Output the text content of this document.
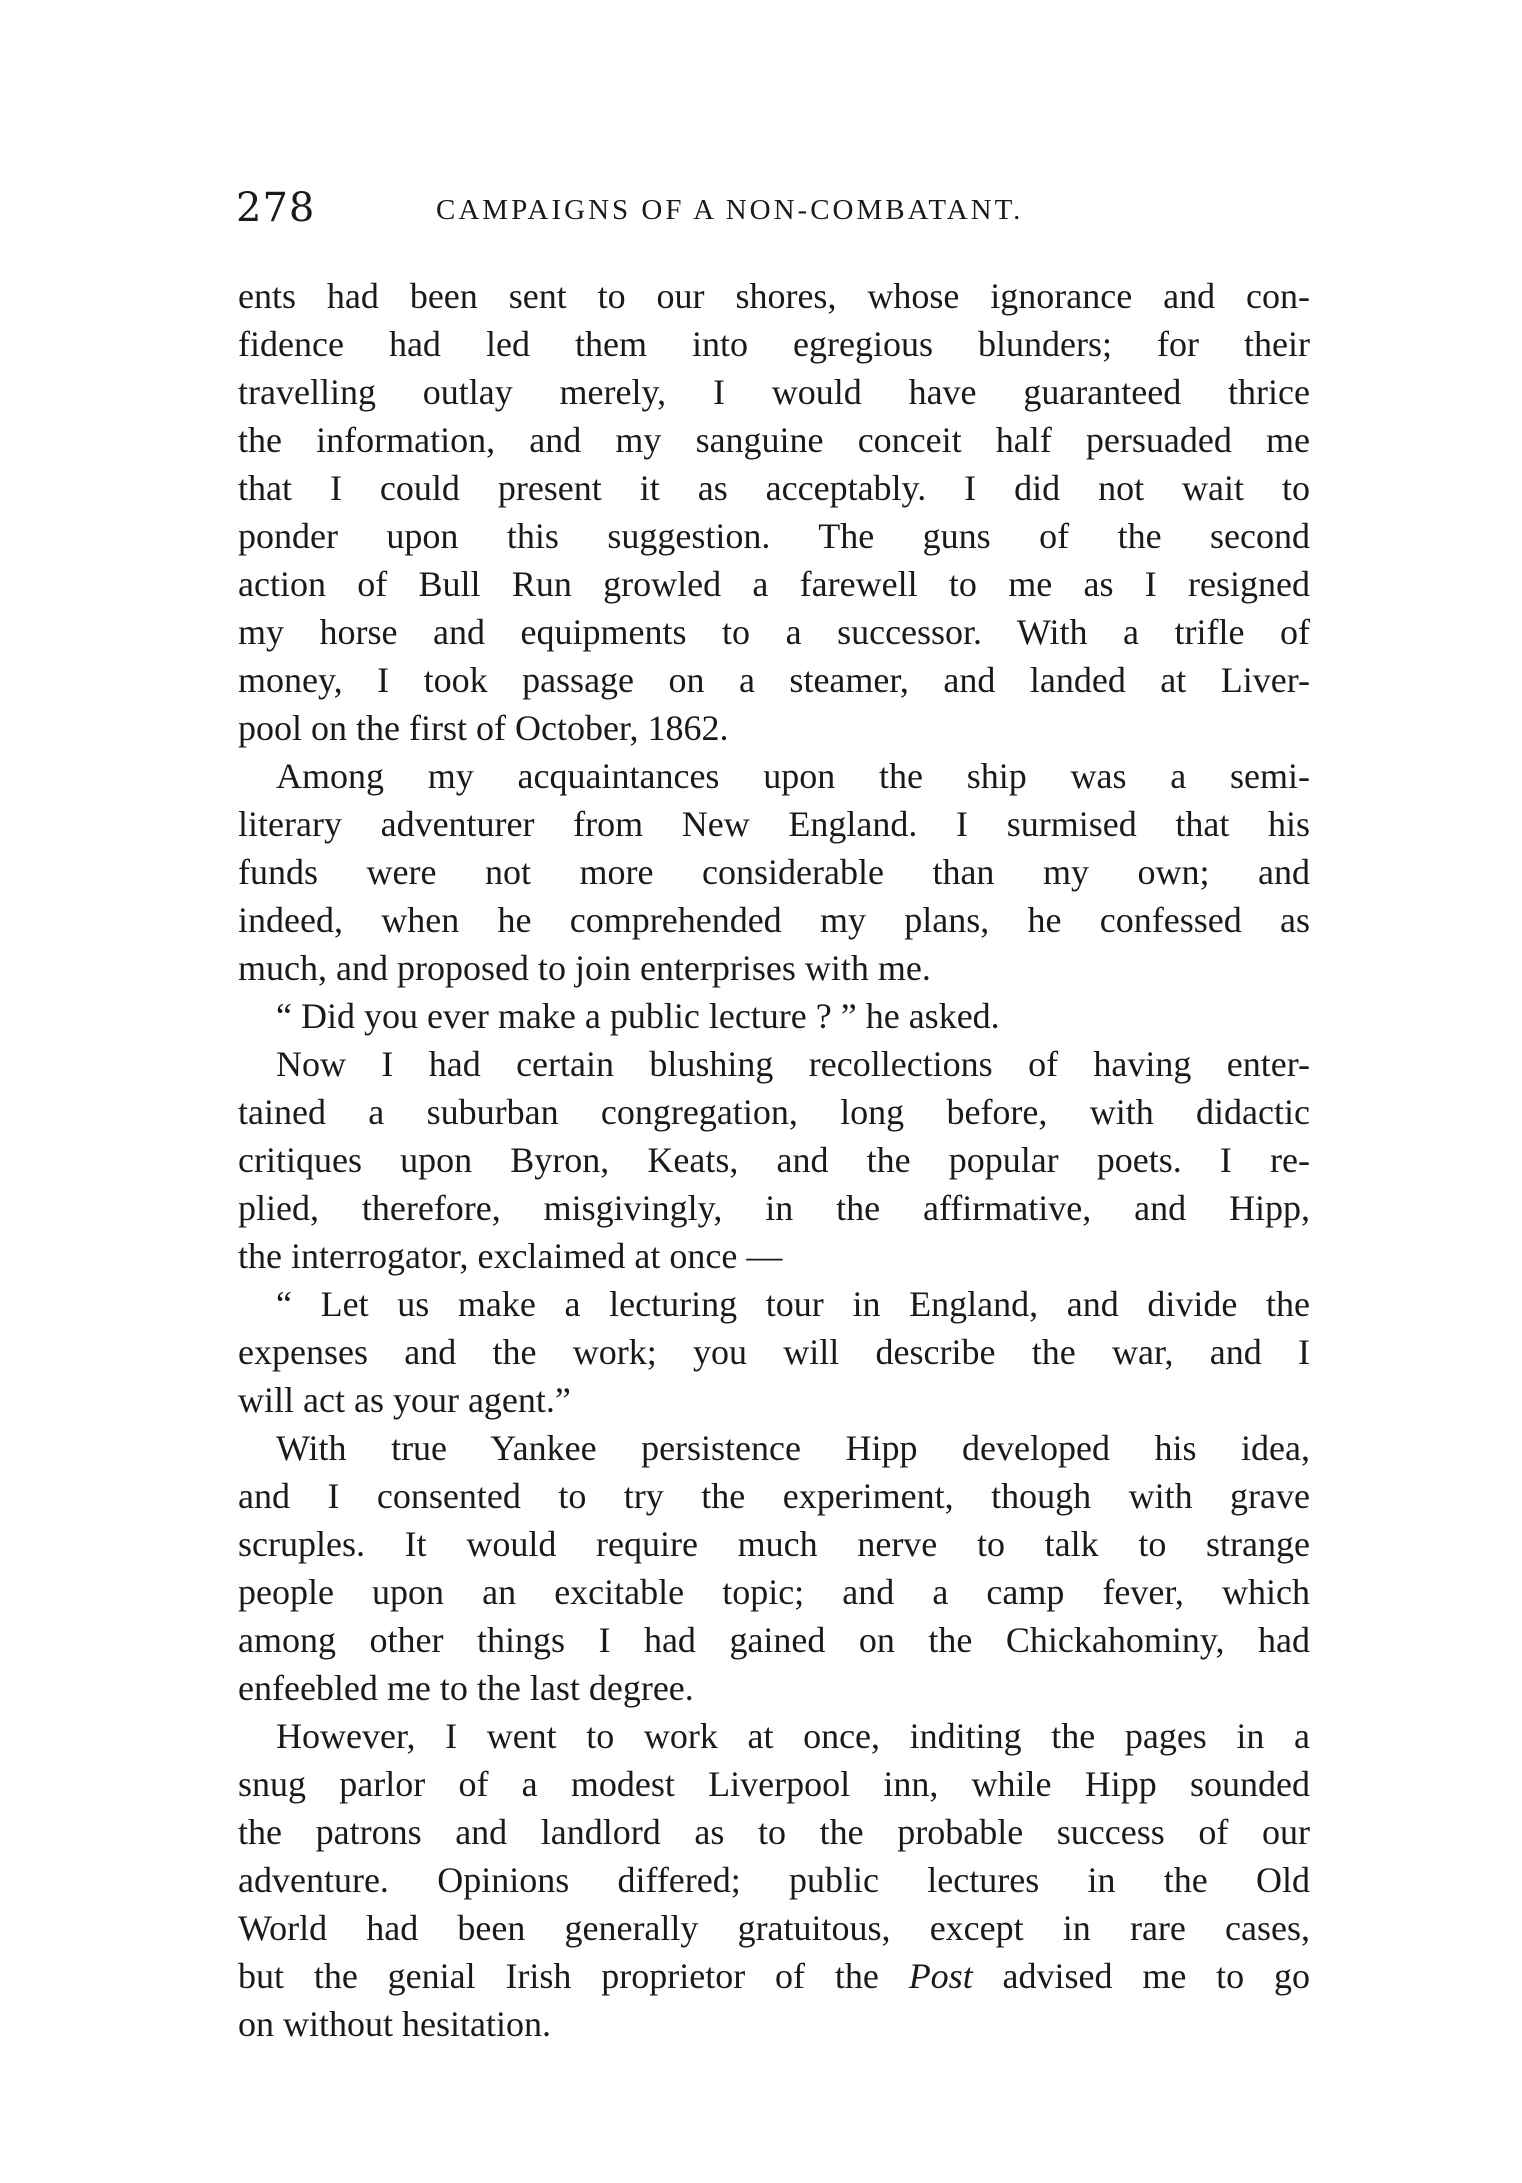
278	CAMPAIGNS OF A NON-COMBATANT.
ents had been sent to our shores, whose ignorance and con-
fidence had led them into egregious blunders; for their
travelling outlay merely, I would have guaranteed thrice
the information, and my sanguine conceit half persuaded me
that I could present it as acceptably. I did not wait to
ponder upon this suggestion. The guns of the second
action of Bull Run growled a farewell to me as I resigned
my horse and equipments to a successor. With a trifle of
money, I took passage on a steamer, and landed at Liver-
pool on the first of October, 1862.
Among my acquaintances upon the ship was a semi-
literary adventurer from New England. I surmised that his
funds were not more considerable than my own; and
indeed, when he comprehended my plans, he confessed as
much, and proposed to join enterprises with me.
“ Did you ever make a public lecture ? ” he asked.
Now I had certain blushing recollections of having enter-
tained a suburban congregation, long before, with didactic
critiques upon Byron, Keats, and the popular poets. I re-
plied, therefore, misgivingly, in the affirmative, and Hipp,
the interrogator, exclaimed at once —
“ Let us make a lecturing tour in England, and divide the
expenses and the work; you will describe the war, and I
will act as your agent.”
With true Yankee persistence Hipp developed his idea,
and I consented to try the experiment, though with grave
scruples. It would require much nerve to talk to strange
people upon an excitable topic; and a camp fever, which
among other things I had gained on the Chickahominy, had
enfeebled me to the last degree.
However, I went to work at once, inditing the pages in a
snug parlor of a modest Liverpool inn, while Hipp sounded
the patrons and landlord as to the probable success of our
adventure. Opinions differed; public lectures in the Old
World had been generally gratuitous, except in rare cases,
but the genial Irish proprietor of the Post advised me to go
on without hesitation.
